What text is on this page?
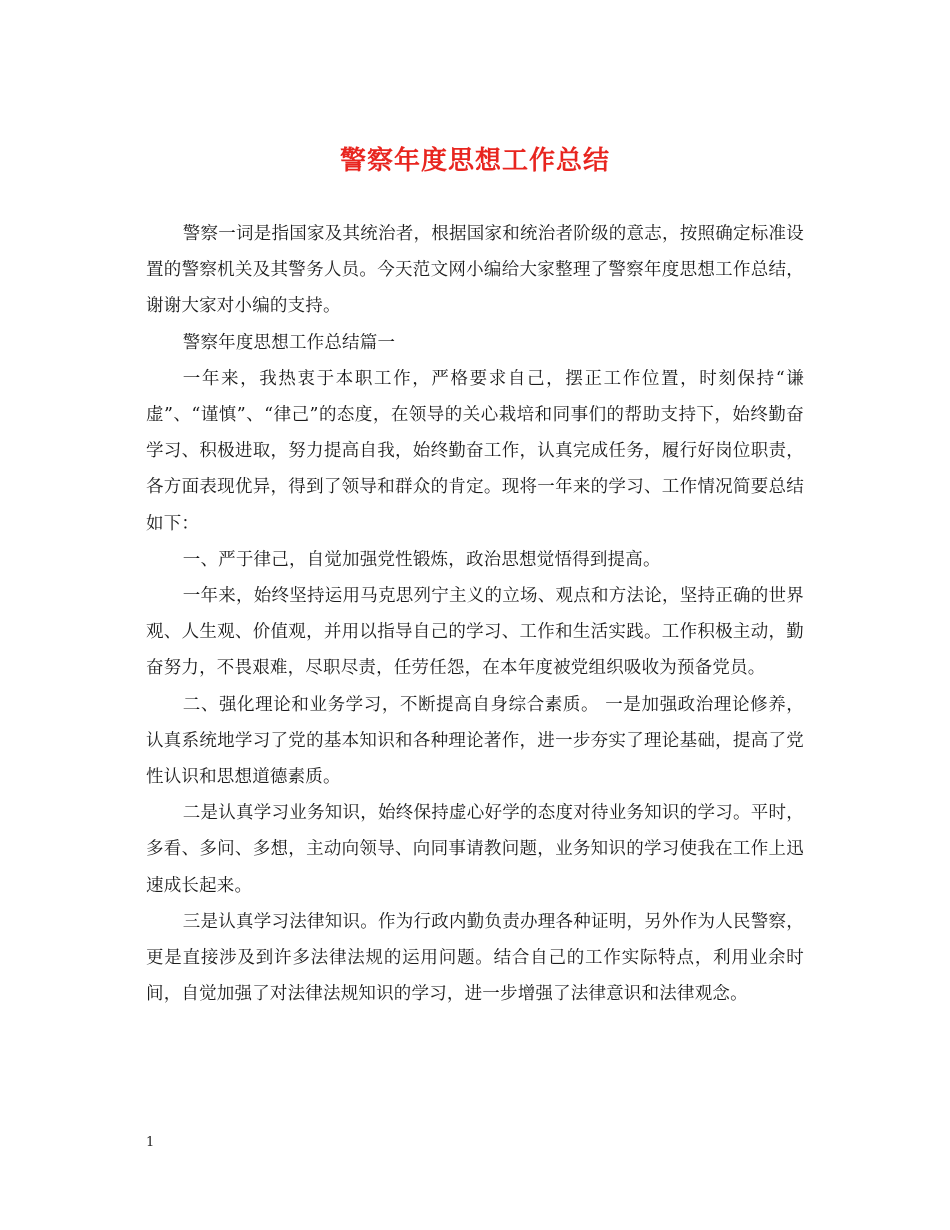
警察年度思想工作总结

警察一词是指国家及其统治者，根据国家和统治者阶级的意志，按照确定标准设置的警察机关及其警务人员。今天范文网小编给大家整理了警察年度思想工作总结，谢谢大家对小编的支持。

警察年度思想工作总结篇一

一年来，我热衷于本职工作，严格要求自己，摆正工作位置，时刻保持“谦虚”、“谨慎”、“律己”的态度，在领导的关心栽培和同事们的帮助支持下，始终勤奋学习、积极进取，努力提高自我，始终勤奋工作，认真完成任务，履行好岗位职责，各方面表现优异，得到了领导和群众的肯定。现将一年来的学习、工作情况简要总结如下：

一、严于律己，自觉加强党性锻炼，政治思想觉悟得到提高。

一年来，始终坚持运用马克思列宁主义的立场、观点和方法论，坚持正确的世界观、人生观、价值观，并用以指导自己的学习、工作和生活实践。工作积极主动，勤奋努力，不畏艰难，尽职尽责，任劳任怨，在本年度被党组织吸收为预备党员。

二、强化理论和业务学习，不断提高自身综合素质。 一是加强政治理论修养，认真系统地学习了党的基本知识和各种理论著作，进一步夯实了理论基础，提高了党性认识和思想道德素质。

二是认真学习业务知识，始终保持虚心好学的态度对待业务知识的学习。平时，多看、多问、多想，主动向领导、向同事请教问题，业务知识的学习使我在工作上迅速成长起来。

三是认真学习法律知识。作为行政内勤负责办理各种证明，另外作为人民警察，更是直接涉及到许多法律法规的运用问题。结合自己的工作实际特点，利用业余时间，自觉加强了对法律法规知识的学习，进一步增强了法律意识和法律观念。

1
